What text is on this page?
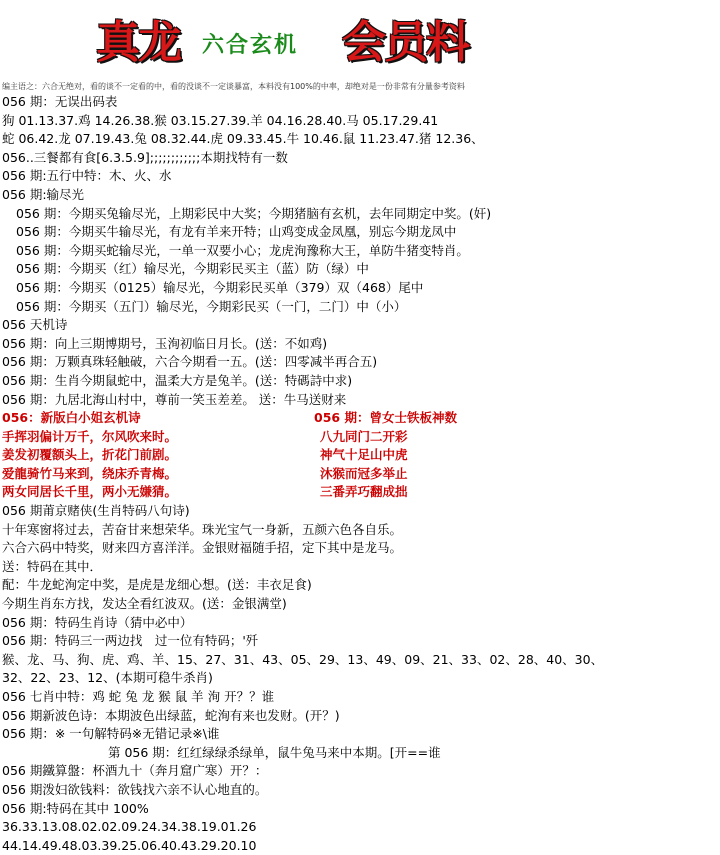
真龙 六合玄机 会员料
编主语之：六合无绝对，看的谈不一定看的中，看的没谈不一定谈暴富，本料没有100%的中率，却绝对是一份非常有分量参考资料
056 期：无误出码表
狗 01.13.37.鸡 14.26.38.猴 03.15.27.39.羊 04.16.28.40.马 05.17.29.41
蛇 06.42.龙 07.19.43.兔 08.32.44.虎 09.33.45.牛 10.46.鼠 11.23.47.猪 12.36、
056..三餐都有食[6.3.5.9];;;;;;;;;;;;本期找特有一数
056 期:五行中特：木、火、水
056 期:输尽光
056 期：今期买兔输尽光，上期彩民中大奖；今期猪脑有玄机，去年同期定中奖。(奸)
056 期：今期买牛输尽光，有龙有羊来开特；山鸡变成金凤凰，别忘今期龙凤中
056 期：今期买蛇输尽光，一单一双要小心；龙虎洵豫称大王，单防牛猪变特肖。
056 期：今期买（红）输尽光，今期彩民买主（蓝）防（绿）中
056 期：今期买（0125）输尽光，今期彩民买单（379）双（468）尾中
056 期：今期买（五门）输尽光，今期彩民买（一门，二门）中（小）
056 天机诗
056 期：向上三期博期号，玉洵初临日月长。(送：不如鸡)
056 期：万颗真珠轻触破，六合今期看一五。(送：四零减半再合五)
056 期：生肖今期鼠蛇中，温柔大方是兔羊。(送：特碼詩中求)
056 期：九居北海山村中，尊前一笑玉差差。 送：牛马送财来
056：新版白小姐玄机诗
手挥羽偏计万千，尔风吹来时。
姜发初覆额头上，折花门前剧。
爱龍骑竹马来到，绕床乔青梅。
两女同居长千里，两小无嫌猜。
056 期：曾女士铁板神数
八九同门二开彩
神气十足山中虎
沐猴而冠多举止
三番弄巧翻成拙
056 期莆京赌侠(生肖特码八句诗)
十年寒窗将过去，苦奋甘来想荣华。珠光宝气一身新，五颜六色各自乐。
六合六码中特奖，财来四方喜洋洋。金银财福随手招，定下其中是龙马。
送：特码在其中．
配：牛龙蛇洵定中奖，是虎是龙细心想。(送：丰衣足食)
今期生肖东方找，发达全看红波双。(送：金银满堂)
056 期：特码生肖诗（猜中必中）
056 期：特码三一两边找　过一位有特码；'歼
猴、龙、马、狗、虎、鸡、羊、15、27、31、43、05、29、13、49、09、21、33、02、28、40、30、
32、22、23、12、(本期可稳牛杀肖)
056 七肖中特：鸡 蛇 兔 龙 猴 鼠 羊 洵 开？？谁
056 期新波色诗：本期波色出绿蓝，蛇洵有来也发财。(开？)
056 期：※ 一句解特码※无错记录※\谁
第 056 期：红红绿绿杀绿单，鼠牛兔马来中本期。[开==谁
056 期鐵算盤：杯酒九十（奔月窟广寒）开？：
056 期泼妇欲钱料：欲钱找六亲不认心地直的。
056 期:特码在其中 100%
36.33.13.08.02.02.09.24.34.38.19.01.26
44.14.49.48.03.39.25.06.40.43.29.20.10
